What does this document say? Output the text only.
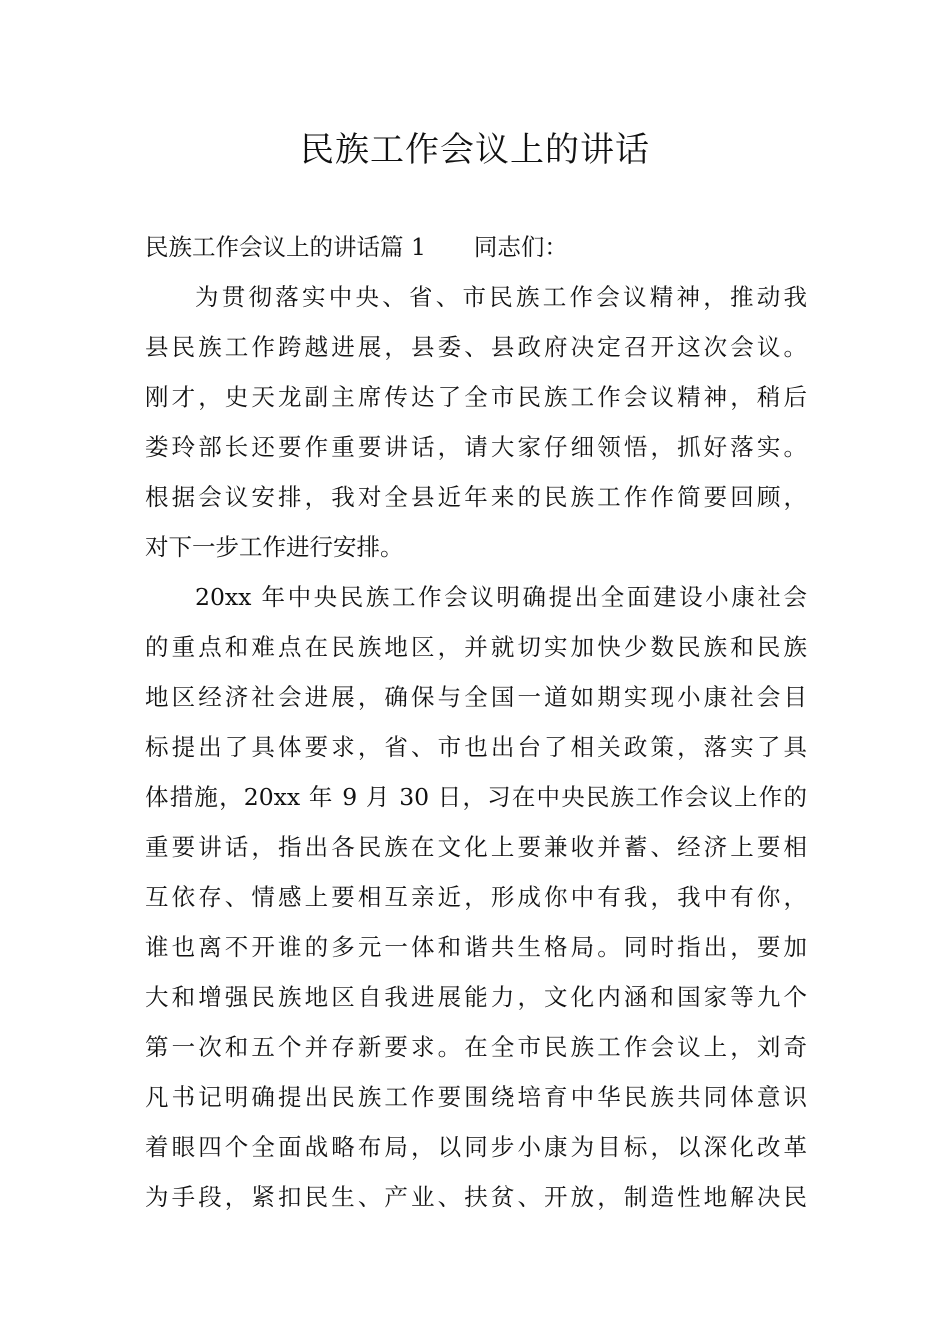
民族工作会议上的讲话
民族工作会议上的讲话篇 1 同志们：
为贯彻落实中央、省、市民族工作会议精神，推动我
县民族工作跨越进展，县委、县政府决定召开这次会议。
刚才，史天龙副主席传达了全市民族工作会议精神，稍后
娄玲部长还要作重要讲话，请大家仔细领悟，抓好落实。
根据会议安排，我对全县近年来的民族工作作简要回顾，
对下一步工作进行安排。
20xx 年中央民族工作会议明确提出全面建设小康社会
的重点和难点在民族地区，并就切实加快少数民族和民族
地区经济社会进展，确保与全国一道如期实现小康社会目
标提出了具体要求，省、市也出台了相关政策，落实了具
体措施，20xx 年 9 月 30 日，习在中央民族工作会议上作的
重要讲话，指出各民族在文化上要兼收并蓄、经济上要相
互依存、情感上要相互亲近，形成你中有我，我中有你，
谁也离不开谁的多元一体和谐共生格局。同时指出，要加
大和增强民族地区自我进展能力，文化内涵和国家等九个
第一次和五个并存新要求。在全市民族工作会议上，刘奇
凡书记明确提出民族工作要围绕培育中华民族共同体意识
着眼四个全面战略布局，以同步小康为目标，以深化改革
为手段，紧扣民生、产业、扶贫、开放，制造性地解决民
